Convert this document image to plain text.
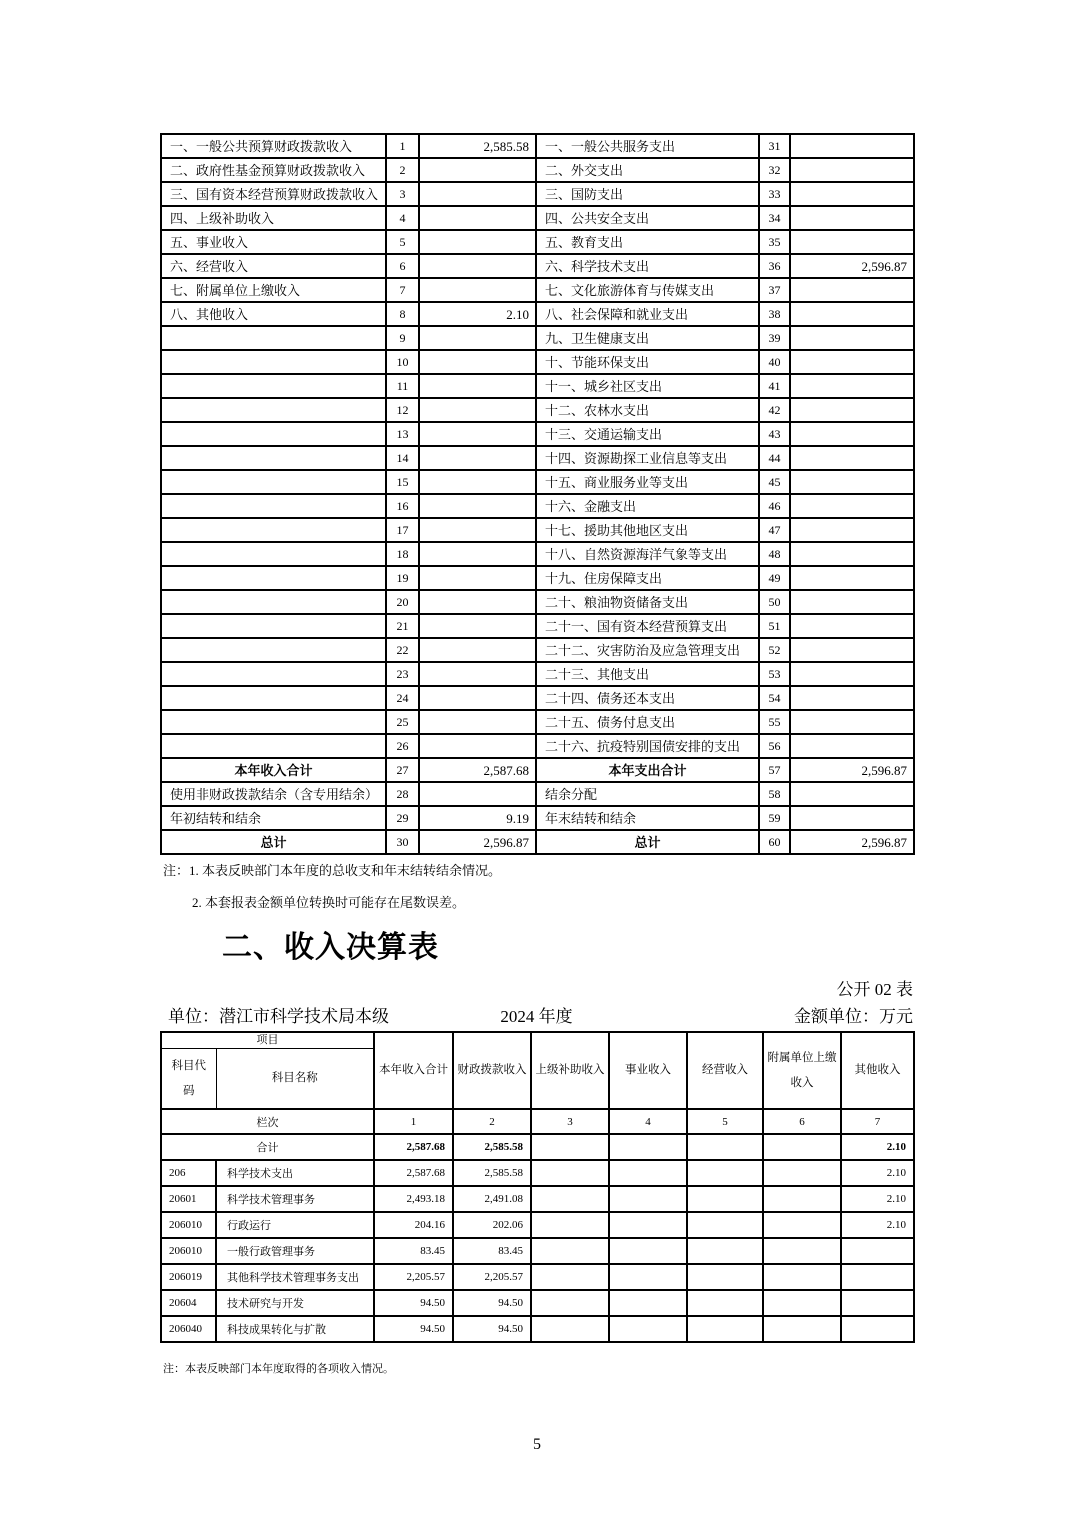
一、一般公共预算财政拨款收入	1	2,585.58	一、一般公共服务支出	31	
二、政府性基金预算财政拨款收入	2		二、外交支出	32	
三、国有资本经营预算财政拨款收入	3		三、国防支出	33	
四、上级补助收入	4		四、公共安全支出	34	
五、事业收入	5		五、教育支出	35	
六、经营收入	6		六、科学技术支出	36	2,596.87
七、附属单位上缴收入	7		七、文化旅游体育与传媒支出	37	
八、其他收入	8	2.10	八、社会保障和就业支出	38	
	9		九、卫生健康支出	39	
	10		十、节能环保支出	40	
	11		十一、城乡社区支出	41	
	12		十二、农林水支出	42	
	13		十三、交通运输支出	43	
	14		十四、资源勘探工业信息等支出	44	
	15		十五、商业服务业等支出	45	
	16		十六、金融支出	46	
	17		十七、援助其他地区支出	47	
	18		十八、自然资源海洋气象等支出	48	
	19		十九、住房保障支出	49	
	20		二十、粮油物资储备支出	50	
	21		二十一、国有资本经营预算支出	51	
	22		二十二、灾害防治及应急管理支出	52	
	23		二十三、其他支出	53	
	24		二十四、债务还本支出	54	
	25		二十五、债务付息支出	55	
	26		二十六、抗疫特别国债安排的支出	56	
本年收入合计	27	2,587.68	本年支出合计	57	2,596.87
使用非财政拨款结余（含专用结余）	28		结余分配	58	
年初结转和结余	29	9.19	年末结转和结余	59	
总计	30	2,596.87	总计	60	2,596.87
注：1. 本表反映部门本年度的总收支和年末结转结余情况。
2. 本套报表金额单位转换时可能存在尾数误差。
二、收入决算表
公开 02 表
单位：潜江市科学技术局本级	2024 年度	金额单位：万元
项目		本年收入合计	财政拨款收入	上级补助收入	事业收入	经营收入	附属单位上缴收入	其他收入
科目代码	科目名称							
栏次		1	2	3	4	5	6	7
合计		2,587.68	2,585.58					2.10
206	科学技术支出	2,587.68	2,585.58					2.10
20601	科学技术管理事务	2,493.18	2,491.08					2.10
206010	行政运行	204.16	202.06					2.10
206010	一般行政管理事务	83.45	83.45					
206019	其他科学技术管理事务支出	2,205.57	2,205.57					
20604	技术研究与开发	94.50	94.50					
206040	科技成果转化与扩散	94.50	94.50					
注：本表反映部门本年度取得的各项收入情况。
5
